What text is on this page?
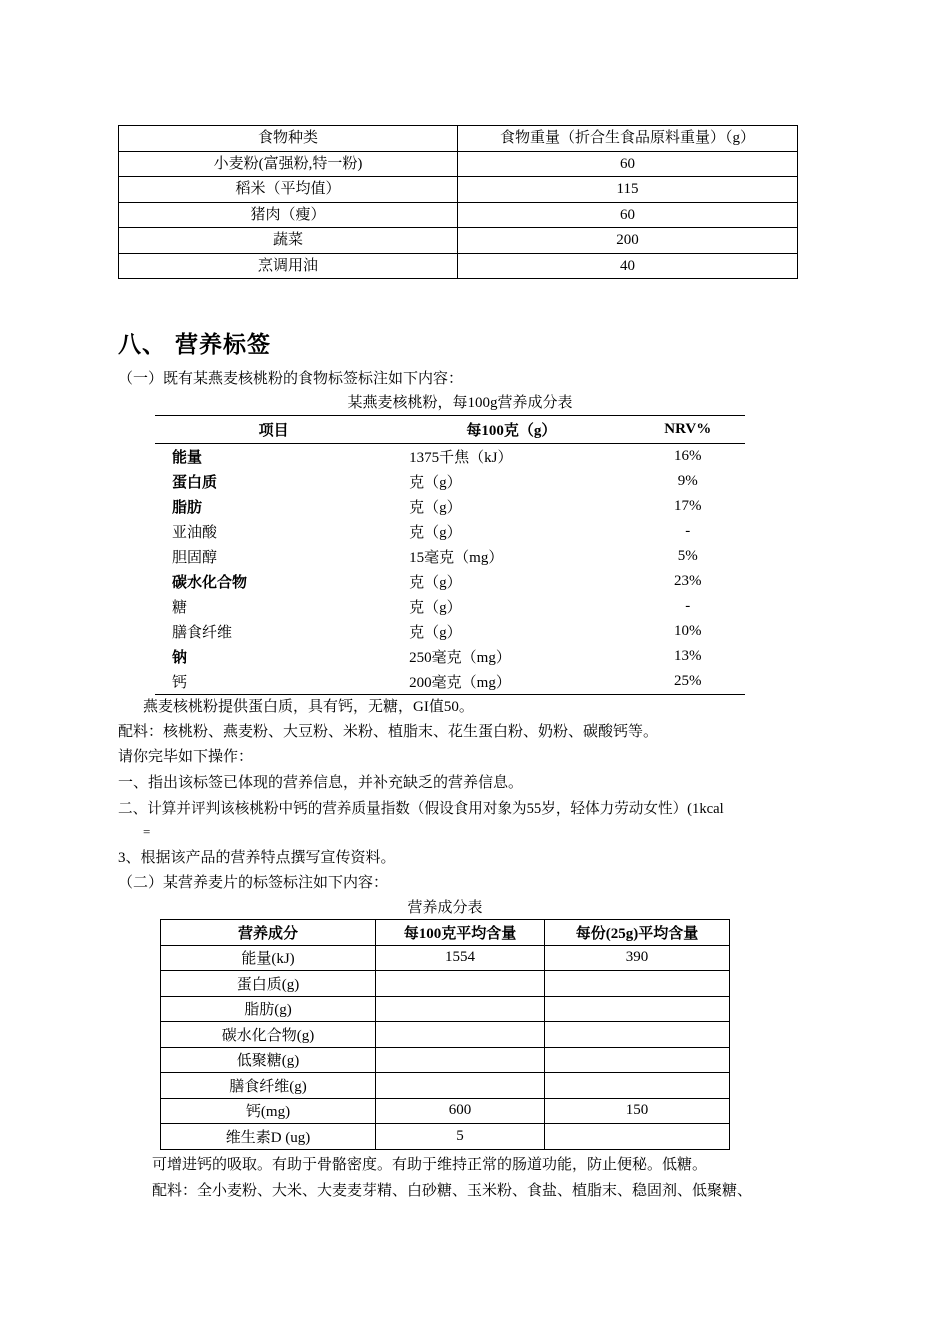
食物种类	食物重量（折合生食品原料重量）（g）
小麦粉(富强粉,特一粉)	60
稻米（平均值）	115
猪肉（瘦）	60
蔬菜	200
烹调用油	40
八、 营养标签
（一）既有某燕麦核桃粉的食物标签标注如下内容：
某燕麦核桃粉，每100g营养成分表
项目	每100克（g）	NRV%
能量	1375千焦（kJ）	16%
蛋白质	克（g）	9%
脂肪	克（g）	17%
亚油酸	克（g）	-
胆固醇	15毫克（mg）	5%
碳水化合物	克（g）	23%
糖	克（g）	-
膳食纤维	克（g）	10%
钠	250毫克（mg）	13%
钙	200毫克（mg）	25%
燕麦核桃粉提供蛋白质，具有钙，无糖，GI值50。
配料：核桃粉、燕麦粉、大豆粉、米粉、植脂末、花生蛋白粉、奶粉、碳酸钙等。
请你完毕如下操作：
一、指出该标签已体现的营养信息，并补充缺乏的营养信息。
二、计算并评判该核桃粉中钙的营养质量指数（假设食用对象为55岁，轻体力劳动女性）(1kcal
=
3、根据该产品的营养特点撰写宣传资料。
（二）某营养麦片的标签标注如下内容：
营养成分表
营养成分	每100克平均含量	每份(25g)平均含量
能量(kJ)	1554	390
蛋白质(g)		
脂肪(g)		
碳水化合物(g)		
低聚糖(g)		
膳食纤维(g)		
钙(mg)	600	150
维生素D (ug)	5	
可增进钙的吸取。有助于骨骼密度。有助于维持正常的肠道功能，防止便秘。低糖。
配料：全小麦粉、大米、大麦麦芽精、白砂糖、玉米粉、食盐、植脂末、稳固剂、低聚糖、
